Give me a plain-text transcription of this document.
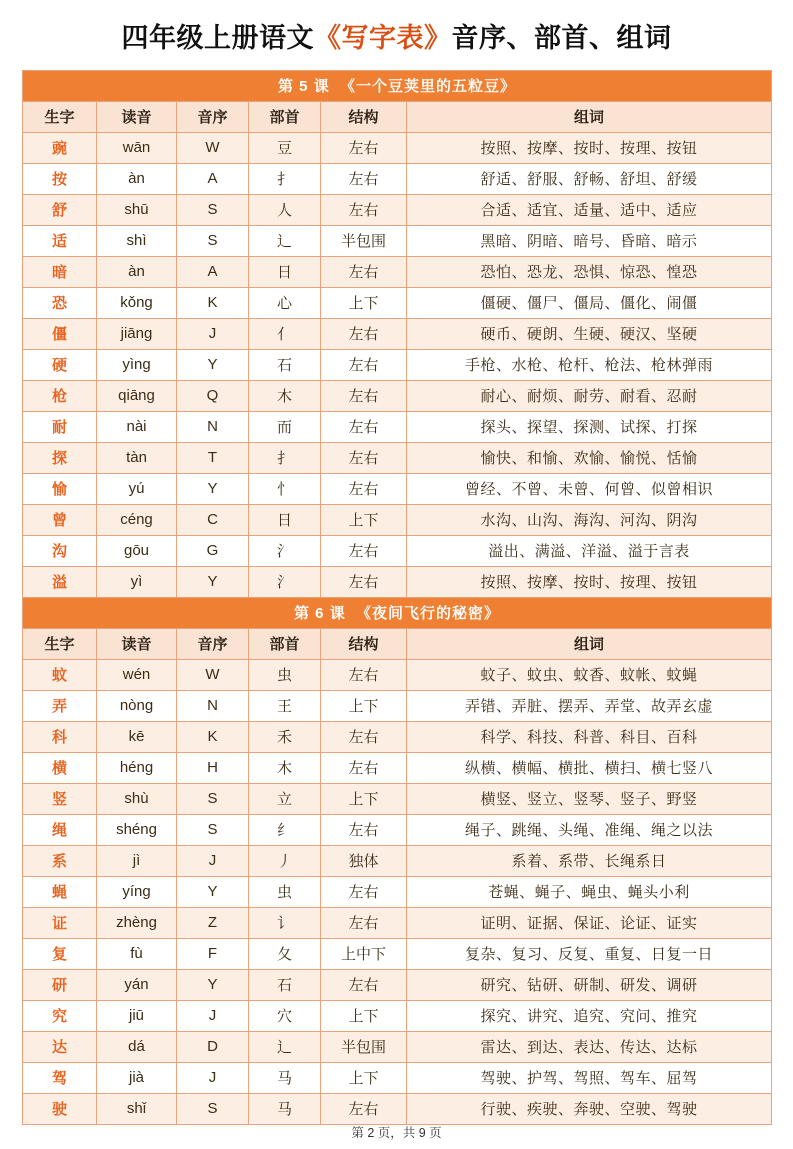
四年级上册语文《写字表》音序、部首、组词
第 5 课 《一个豆荚里的五粒豆》					
生字	读音	音序	部首	结构	组词
豌	wān	W	豆	左右	按照、按摩、按时、按理、按钮
按	àn	A	扌	左右	舒适、舒服、舒畅、舒坦、舒缓
舒	shū	S	人	左右	合适、适宜、适量、适中、适应
适	shì	S	辶	半包围	黑暗、阴暗、暗号、昏暗、暗示
暗	àn	A	日	左右	恐怕、恐龙、恐惧、惊恐、惶恐
恐	kǒng	K	心	上下	僵硬、僵尸、僵局、僵化、闹僵
僵	jiāng	J	亻	左右	硬币、硬朗、生硬、硬汉、坚硬
硬	yìng	Y	石	左右	手枪、水枪、枪杆、枪法、枪林弹雨
枪	qiāng	Q	木	左右	耐心、耐烦、耐劳、耐看、忍耐
耐	nài	N	而	左右	探头、探望、探测、试探、打探
探	tàn	T	扌	左右	愉快、和愉、欢愉、愉悦、恬愉
愉	yú	Y	忄	左右	曾经、不曾、未曾、何曾、似曾相识
曾	céng	C	日	上下	水沟、山沟、海沟、河沟、阴沟
沟	gōu	G	氵	左右	溢出、满溢、洋溢、溢于言表
溢	yì	Y	氵	左右	按照、按摩、按时、按理、按钮
第 6 课 《夜间飞行的秘密》					
生字	读音	音序	部首	结构	组词
蚊	wén	W	虫	左右	蚊子、蚊虫、蚊香、蚊帐、蚊蝇
弄	nòng	N	王	上下	弄错、弄脏、摆弄、弄堂、故弄玄虚
科	kē	K	禾	左右	科学、科技、科普、科目、百科
横	héng	H	木	左右	纵横、横幅、横批、横扫、横七竖八
竖	shù	S	立	上下	横竖、竖立、竖琴、竖子、野竖
绳	shéng	S	纟	左右	绳子、跳绳、头绳、准绳、绳之以法
系	jì	J	丿	独体	系着、系带、长绳系日
蝇	yíng	Y	虫	左右	苍蝇、蝇子、蝇虫、蝇头小利
证	zhèng	Z	讠	左右	证明、证据、保证、论证、证实
复	fù	F	夂	上中下	复杂、复习、反复、重复、日复一日
研	yán	Y	石	左右	研究、钻研、研制、研发、调研
究	jiū	J	穴	上下	探究、讲究、追究、究问、推究
达	dá	D	辶	半包围	雷达、到达、表达、传达、达标
驾	jià	J	马	上下	驾驶、护驾、驾照、驾车、屈驾
驶	shǐ	S	马	左右	行驶、疾驶、奔驶、空驶、驾驶
第 2 页，共 9 页
